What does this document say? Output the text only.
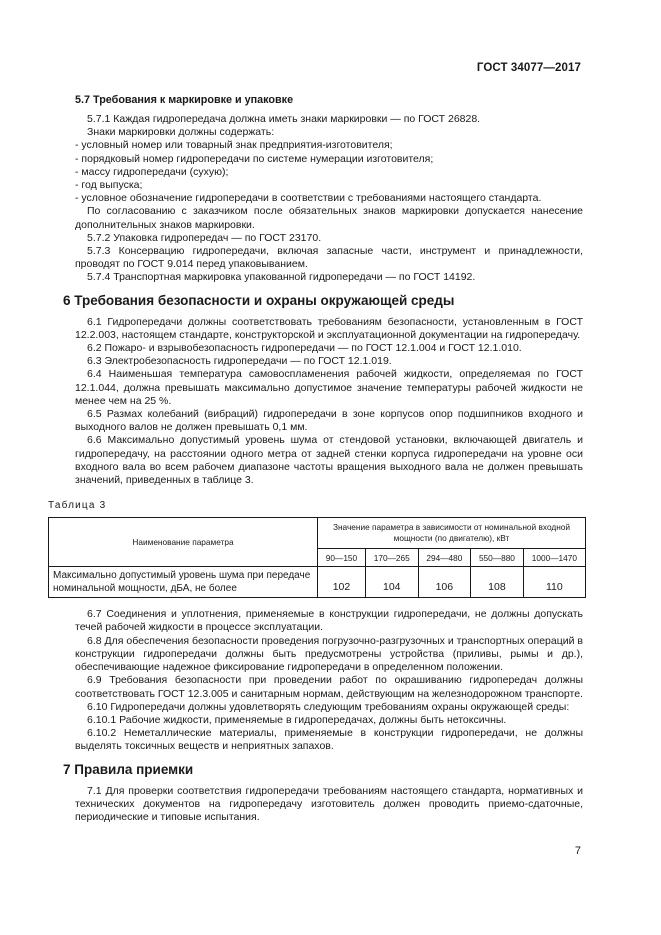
ГОСТ 34077—2017
5.7 Требования к маркировке и упаковке

5.7.1 Каждая гидропередача должна иметь знаки маркировки — по ГОСТ 26828.

Знаки маркировки должны содержать:

- условный номер или товарный знак предприятия-изготовителя;
- порядковый номер гидропередачи по системе нумерации изготовителя;
- массу гидропередачи (сухую);
- год выпуска;
- условное обозначение гидропередачи в соответствии с требованиями настоящего стандарта.

По согласованию с заказчиком после обязательных знаков маркировки допускается нанесение дополнительных знаков маркировки.

5.7.2 Упаковка гидропередач — по ГОСТ 23170.

5.7.3 Консервацию гидропередачи, включая запасные части, инструмент и принадлежности, проводят по ГОСТ 9.014 перед упаковыванием.

5.7.4 Транспортная маркировка упакованной гидропередачи — по ГОСТ 14192.

6 Требования безопасности и охраны окружающей среды

6.1 Гидропередачи должны соответствовать требованиям безопасности, установленным в ГОСТ 12.2.003, настоящем стандарте, конструкторской и эксплуатационной документации на гидропередачу.

6.2 Пожаро- и взрывобезопасность гидропередачи — по ГОСТ 12.1.004 и ГОСТ 12.1.010.

6.3 Электробезопасность гидропередачи — по ГОСТ 12.1.019.

6.4 Наименьшая температура самовоспламенения рабочей жидкости, определяемая по ГОСТ 12.1.044, должна превышать максимально допустимое значение температуры рабочей жидкости не менее чем на 25 %.

6.5 Размах колебаний (вибраций) гидропередачи в зоне корпусов опор подшипников входного и выходного валов не должен превышать 0,1 мм.

6.6 Максимально допустимый уровень шума от стендовой установки, включающей двигатель и гидропередачу, на расстоянии одного метра от задней стенки корпуса гидропередачи на уровне оси входного вала во всем рабочем диапазоне частоты вращения выходного вала не должен превышать значений, приведенных в таблице 3.

Таблица 3
Наименование параметра	Значение параметра в зависимости от номинальной входной мощности (по двигателю), кВт				
	90—150	170—265	294—480	550—880	1000—1470
Максимально допустимый уровень шума при передаче номинальной мощности, дБА, не более	102	104	106	108	110

6.7 Соединения и уплотнения, применяемые в конструкции гидропередачи, не должны допускать течей рабочей жидкости в процессе эксплуатации.

6.8 Для обеспечения безопасности проведения погрузочно-разгрузочных и транспортных операций в конструкции гидропередачи должны быть предусмотрены устройства (приливы, рымы и др.), обеспечивающие надежное фиксирование гидропередачи в определенном положении.

6.9 Требования безопасности при проведении работ по окрашиванию гидропередач должны соответствовать ГОСТ 12.3.005 и санитарным нормам, действующим на железнодорожном транспорте.

6.10 Гидропередачи должны удовлетворять следующим требованиям охраны окружающей среды:

6.10.1 Рабочие жидкости, применяемые в гидропередачах, должны быть нетоксичны.

6.10.2 Неметаллические материалы, применяемые в конструкции гидропередачи, не должны выделять токсичных веществ и неприятных запахов.

7 Правила приемки

7.1 Для проверки соответствия гидропередачи требованиям настоящего стандарта, нормативных и технических документов на гидропередачу изготовитель должен проводить приемо-сдаточные, периодические и типовые испытания.

7
